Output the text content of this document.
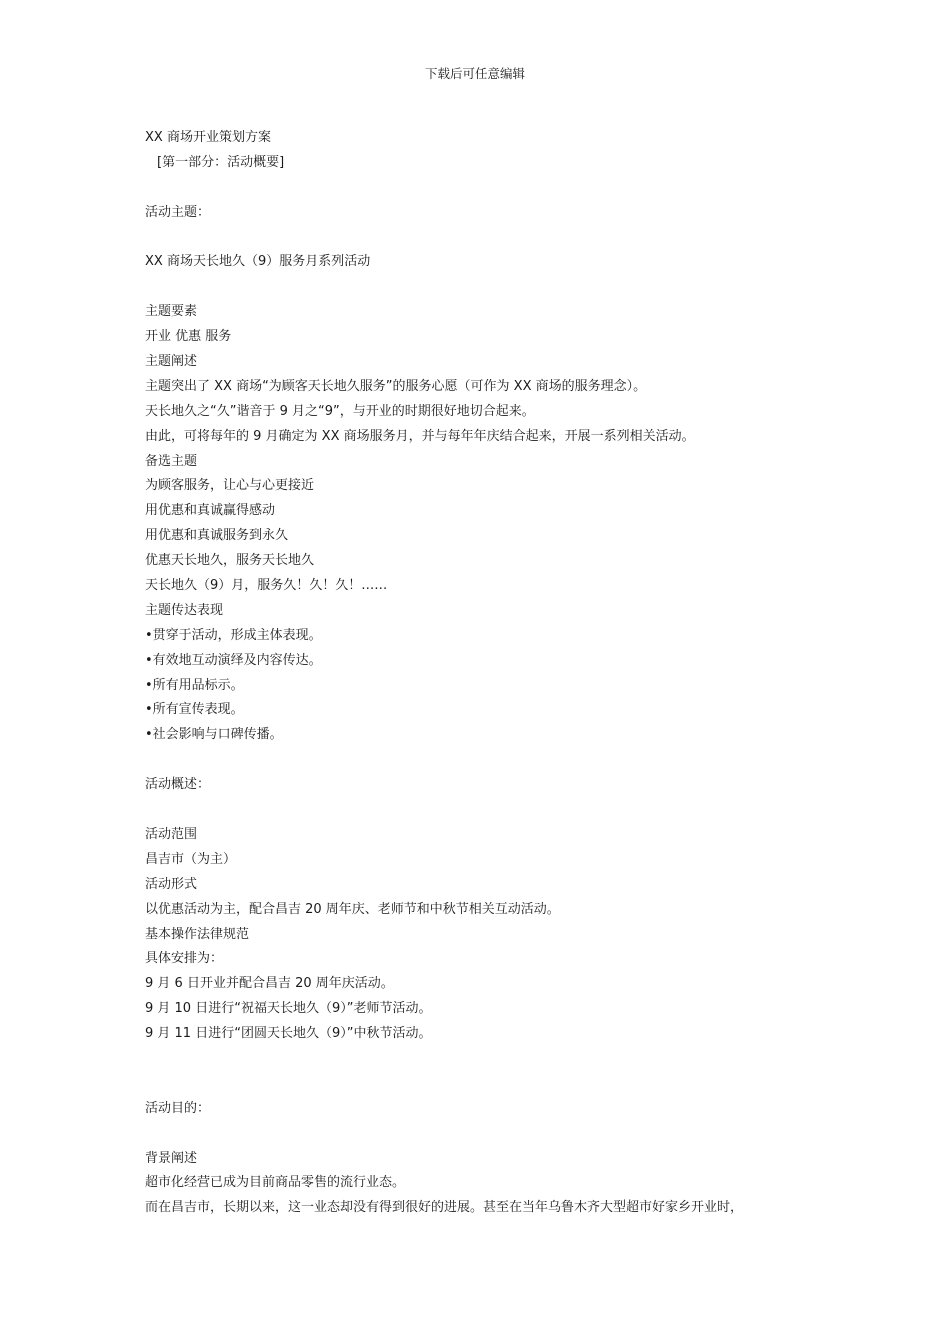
下载后可任意编辑
XX 商场开业策划方案
[第一部分：活动概要]
活动主题：
XX 商场天长地久（9）服务月系列活动
主题要素
开业 优惠 服务
主题阐述
主题突出了 XX 商场“为顾客天长地久服务”的服务心愿（可作为 XX 商场的服务理念）。
天长地久之“久”谐音于 9 月之“9”，与开业的时期很好地切合起来。
由此，可将每年的 9 月确定为 XX 商场服务月，并与每年年庆结合起来，开展一系列相关活动。
备选主题
为顾客服务，让心与心更接近
用优惠和真诚赢得感动
用优惠和真诚服务到永久
优惠天长地久，服务天长地久
天长地久（9）月，服务久！久！久！……
主题传达表现
•贯穿于活动，形成主体表现。
•有效地互动演绎及内容传达。
•所有用品标示。
•所有宣传表现。
•社会影响与口碑传播。
活动概述：
活动范围
昌吉市（为主）
活动形式
以优惠活动为主，配合昌吉 20 周年庆、老师节和中秋节相关互动活动。
基本操作法律规范
具体安排为：
9 月 6 日开业并配合昌吉 20 周年庆活动。
9 月 10 日进行“祝福天长地久（9）”老师节活动。
9 月 11 日进行“团圆天长地久（9）”中秋节活动。
活动目的：
背景阐述
超市化经营已成为目前商品零售的流行业态。
而在昌吉市，长期以来，这一业态却没有得到很好的进展。甚至在当年乌鲁木齐大型超市好家乡开业时，
